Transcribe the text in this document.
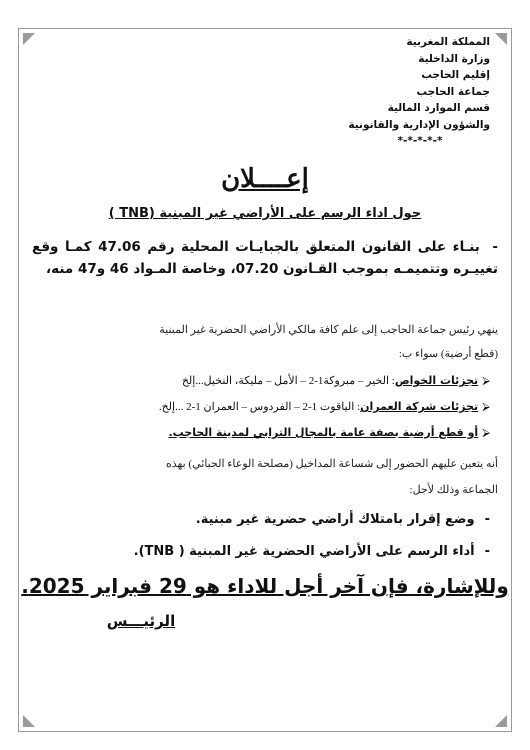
المملكة المغربية
وزارة الداخلية
إقليم الحاجب
جماعة الحاجب
قسم الموارد المالية
والشؤون الإدارية والقانونية
*-*-*-*-*
إعــــلان
حول اداء الرسم على الأراضي غير المبنية (TNB )
- بنـاء على القانون المتعلق بالجبايـات المحلية رقم 47.06 كمـا وقع تغييـره وتتميمـه بموجب القـانون 07.20، وخاصة المـواد 46 و47 منه،
ينهي رئيس جماعة الحاجب إلى علم كافة مالكي الأراضي الحضرية غير المبنية
(قطع أرضية) سواء ب:
⮚تجزئات الخواص: الخير – مبروكة1-2 – الأمل – مليكة، النخيل...إلخ
⮚تجزئات شركة العمران: الياقوت 1-2 – الفردوس – العمران 1-2 ...إلخ.
⮚أو قطع أرضية بصفة عامة بالمجال الترابي لمدينة الحاجب.
أنه يتعين عليهم الحضور إلى شساعة المداخيل (مصلحة الوعاء الجبائي) بهذه
الجماعة وذلك لأجل:
-وضع إقرار بامتلاك أراضي حضرية غير مبنية.
-أداء الرسم على الأراضي الحضرية غير المبنية ( TNB).
وللإشارة، فإن آخر أجل للاداء هو 29 فبراير 2025.
الرئيـــس
